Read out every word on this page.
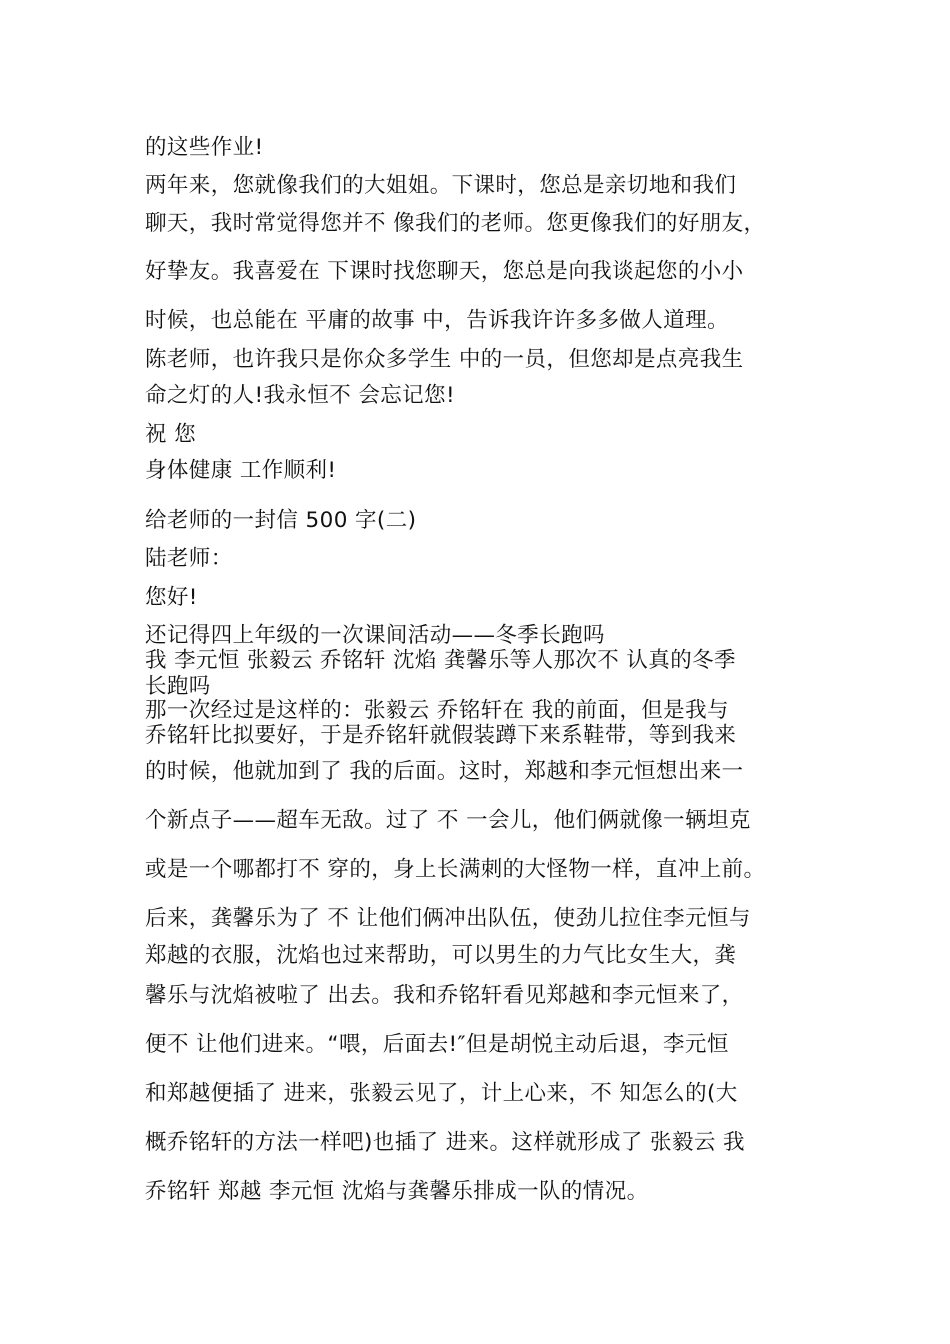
的这些作业!
两年来，您就像我们的大姐姐。下课时，您总是亲切地和我们
聊天，我时常觉得您并不 像我们的老师。您更像我们的好朋友，
好挚友。我喜爱在 下课时找您聊天，您总是向我谈起您的小小
时候，也总能在 平庸的故事 中，告诉我许许多多做人道理。
陈老师，也许我只是你众多学生 中的一员，但您却是点亮我生
命之灯的人!我永恒不 会忘记您!
祝 您
身体健康 工作顺利!
给老师的一封信 500 字(二)
陆老师：
您好!
还记得四上年级的一次课间活动——冬季长跑吗
我 李元恒 张毅云 乔铭轩 沈焰 龚馨乐等人那次不 认真的冬季
长跑吗
那一次经过是这样的：张毅云 乔铭轩在 我的前面，但是我与
乔铭轩比拟要好，于是乔铭轩就假装蹲下来系鞋带，等到我来
的时候，他就加到了 我的后面。这时，郑越和李元恒想出来一
个新点子——超车无敌。过了 不 一会儿，他们俩就像一辆坦克
或是一个哪都打不 穿的，身上长满刺的大怪物一样，直冲上前。
后来，龚馨乐为了 不 让他们俩冲出队伍，使劲儿拉住李元恒与
郑越的衣服，沈焰也过来帮助，可以男生的力气比女生大，龚
馨乐与沈焰被啦了 出去。我和乔铭轩看见郑越和李元恒来了，
便不 让他们进来。“喂，后面去!″但是胡悦主动后退，李元恒
和郑越便插了 进来，张毅云见了，计上心来，不 知怎么的(大
概乔铭轩的方法一样吧)也插了 进来。这样就形成了 张毅云 我
乔铭轩 郑越 李元恒 沈焰与龚馨乐排成一队的情况。
